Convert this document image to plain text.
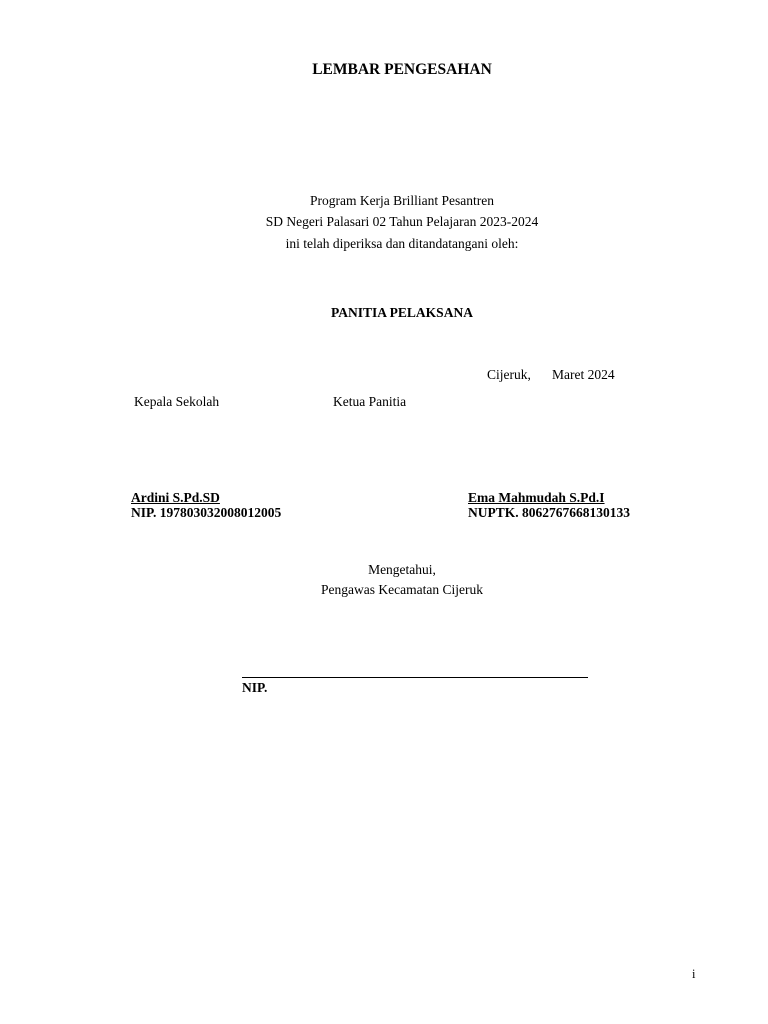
LEMBAR PENGESAHAN
Program Kerja Brilliant Pesantren
SD Negeri Palasari 02 Tahun Pelajaran 2023-2024
ini telah diperiksa dan ditandatangani oleh:
PANITIA PELAKSANA
Cijeruk, Maret 2024
Kepala Sekolah	Ketua Panitia
Ardini S.Pd.SD
NIP. 197803032008012005
Ema Mahmudah S.Pd.I
NUPTK. 8062767668130133
Mengetahui,
Pengawas Kecamatan Cijeruk
NIP.
i
